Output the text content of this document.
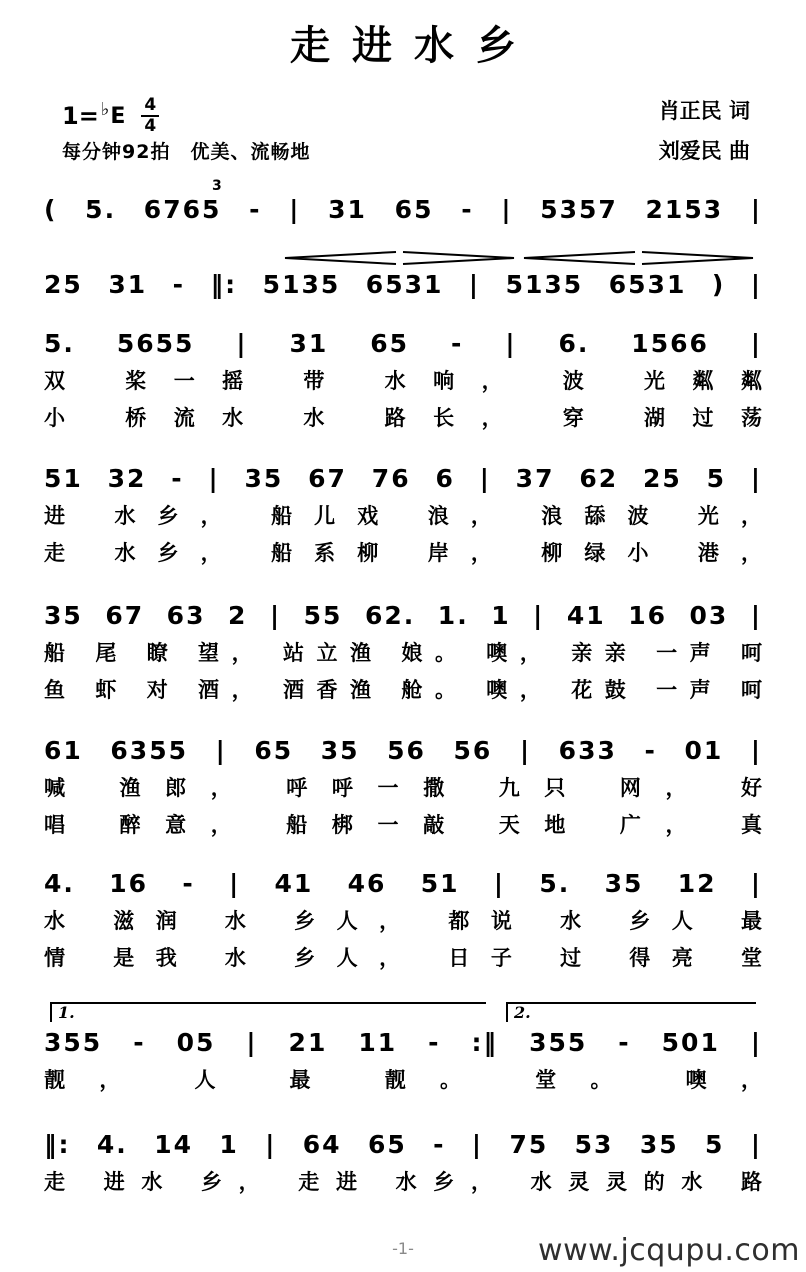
走进水乡
1= ♭ E $\frac{4}{4}$
每分钟92拍　优美、流畅地
肖正民 词
刘爱民 曲
3
( 5. 6765 - | 31 65 - | 5357 2153 |
25 31 - ‖: 5135 6531 | 5135 6531 ) |
5. 5655 | 31 65 - | 6. 1566 |
双 桨一摇 带 水响， 波 光粼粼
小 桥流水 水 路长， 穿 湖过荡
51 32 - | 35 67 76 6 | 37 62 25 5 |
进 水乡， 船儿戏 浪， 浪舔波 光，
走 水乡， 船系柳 岸， 柳绿小 港，
35 67 63 2 | 55 62. 1. 1 | 41 16 03 |
船 尾 瞭 望， 站立渔 娘。 噢， 亲亲 一声 呵
鱼 虾 对 酒， 酒香渔 舱。 噢， 花鼓 一声 呵
61 6355 | 65 35 56 56 | 633 - 01 |
喊 渔郎， 呼呼一撒 九只 网， 好
唱 醉意， 船梆一敲 天地 广， 真
4. 16 - | 41 46 51 | 5. 35 12 |
水 滋润 水 乡人， 都说 水 乡人 最
情 是我 水 乡人， 日子 过 得亮 堂
1.	2.
355 - 05 | 21 11 - :‖ 355 - 501 |
靓， 人 最 靓。 堂。 噢，
‖: 4. 14 1 | 64 65 - | 75 53 35 5 |
走 进水 乡， 走进 水乡， 水灵灵的水 路
-1-	www.jcqupu.com
